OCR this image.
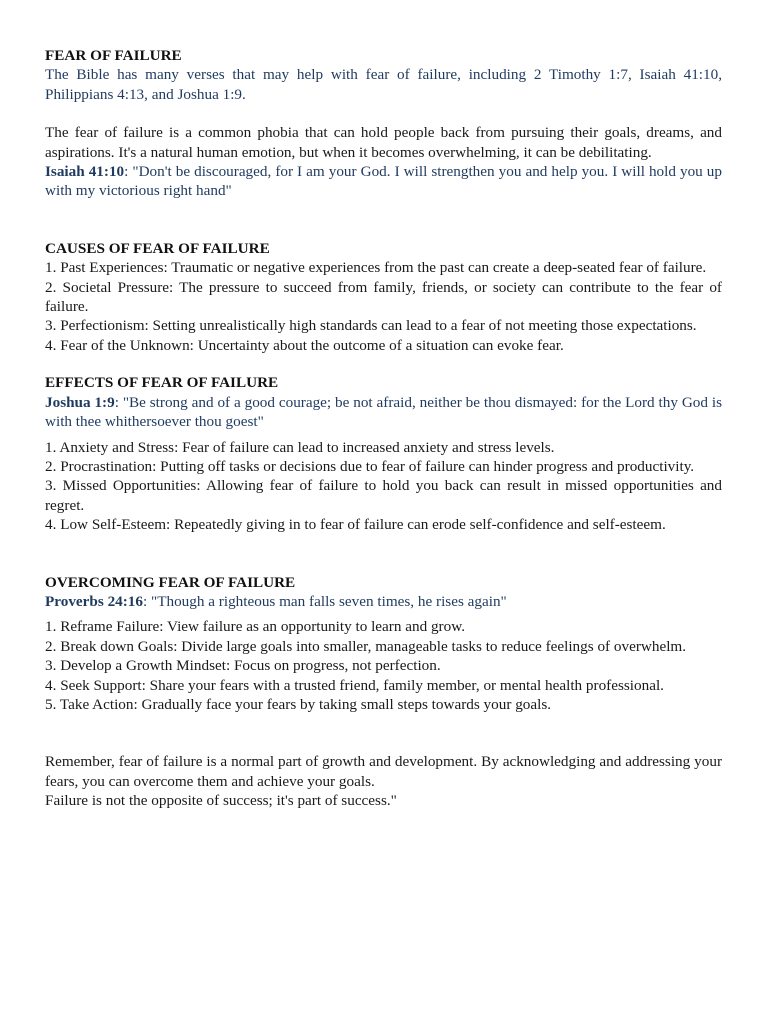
FEAR OF FAILURE

The Bible has many verses that may help with fear of failure, including 2 Timothy 1:7, Isaiah 41:10, Philippians 4:13, and Joshua 1:9.

The fear of failure is a common phobia that can hold people back from pursuing their goals, dreams, and aspirations. It's a natural human emotion, but when it becomes overwhelming, it can be debilitating.

Isaiah 41:10: "Don't be discouraged, for I am your God. I will strengthen you and help you. I will hold you up with my victorious right hand"

CAUSES OF FEAR OF FAILURE
1. Past Experiences: Traumatic or negative experiences from the past can create a deep-seated fear of failure.
2. Societal Pressure: The pressure to succeed from family, friends, or society can contribute to the fear of failure.
3. Perfectionism: Setting unrealistically high standards can lead to a fear of not meeting those expectations.
4. Fear of the Unknown: Uncertainty about the outcome of a situation can evoke fear.
EFFECTS OF FEAR OF FAILURE

Joshua 1:9: "Be strong and of a good courage; be not afraid, neither be thou dismayed: for the Lord thy God is with thee whithersoever thou goest"

1. Anxiety and Stress: Fear of failure can lead to increased anxiety and stress levels.
2. Procrastination: Putting off tasks or decisions due to fear of failure can hinder progress and productivity.
3. Missed Opportunities: Allowing fear of failure to hold you back can result in missed opportunities and regret.
4. Low Self-Esteem: Repeatedly giving in to fear of failure can erode self-confidence and self-esteem.
OVERCOMING FEAR OF FAILURE

Proverbs 24:16: "Though a righteous man falls seven times, he rises again"

1. Reframe Failure: View failure as an opportunity to learn and grow.
2. Break down Goals: Divide large goals into smaller, manageable tasks to reduce feelings of overwhelm.
3. Develop a Growth Mindset: Focus on progress, not perfection.
4. Seek Support: Share your fears with a trusted friend, family member, or mental health professional.
5. Take Action: Gradually face your fears by taking small steps towards your goals.

Remember, fear of failure is a normal part of growth and development. By acknowledging and addressing your fears, you can overcome them and achieve your goals.

Failure is not the opposite of success; it's part of success."
